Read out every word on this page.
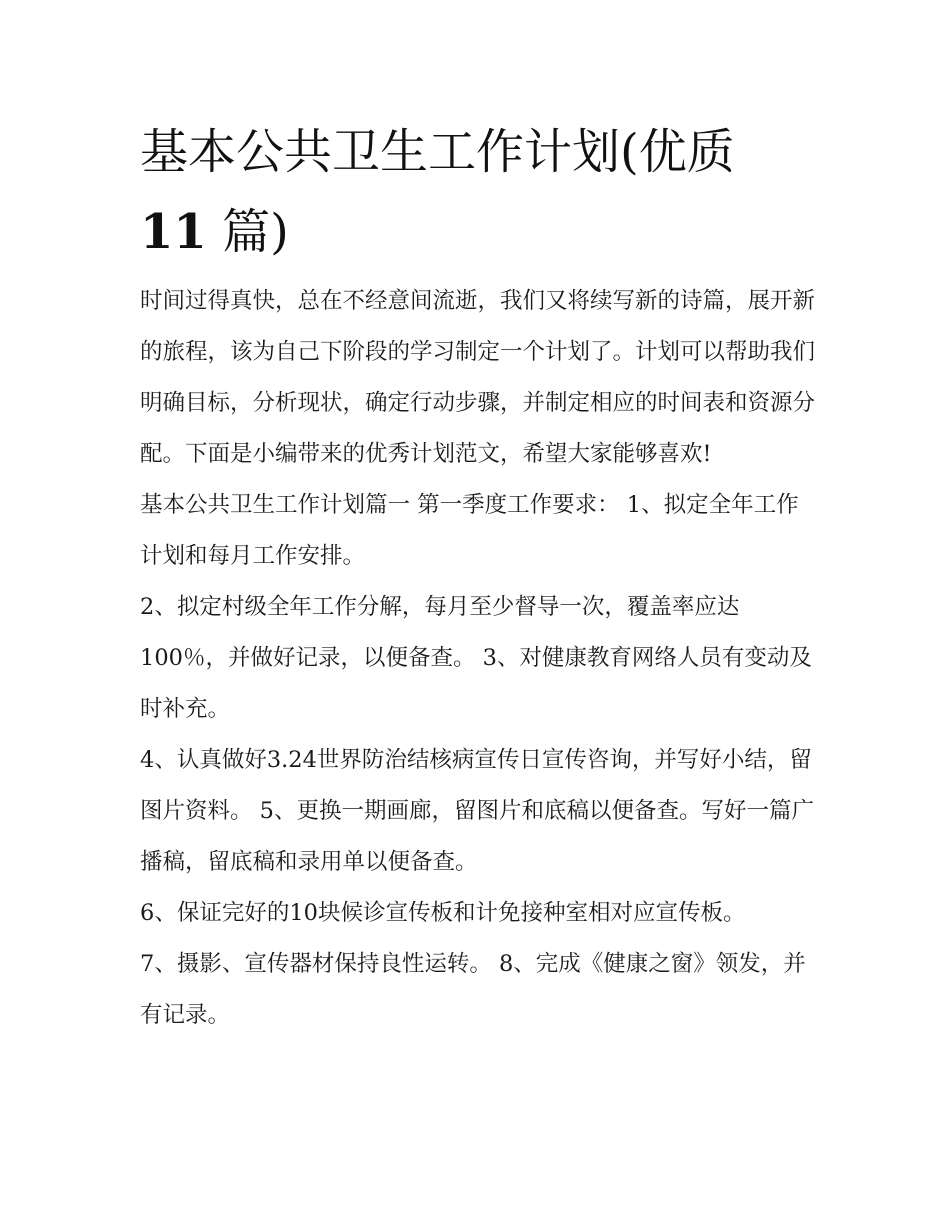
基本公共卫生工作计划(优质
11 篇)

时间过得真快，总在不经意间流逝，我们又将续写新的诗篇，展开新的旅程，该为自己下阶段的学习制定一个计划了。计划可以帮助我们明确目标，分析现状，确定行动步骤，并制定相应的时间表和资源分配。下面是小编带来的优秀计划范文，希望大家能够喜欢!

基本公共卫生工作计划篇一 第一季度工作要求： 1、拟定全年工作计划和每月工作安排。

2、拟定村级全年工作分解，每月至少督导一次，覆盖率应达100％，并做好记录，以便备查。 3、对健康教育网络人员有变动及时补充。

4、认真做好3.24世界防治结核病宣传日宣传咨询，并写好小结，留图片资料。 5、更换一期画廊，留图片和底稿以便备查。写好一篇广播稿，留底稿和录用单以便备查。

6、保证完好的10块候诊宣传板和计免接种室相对应宣传板。

7、摄影、宣传器材保持良性运转。 8、完成《健康之窗》领发，并有记录。
